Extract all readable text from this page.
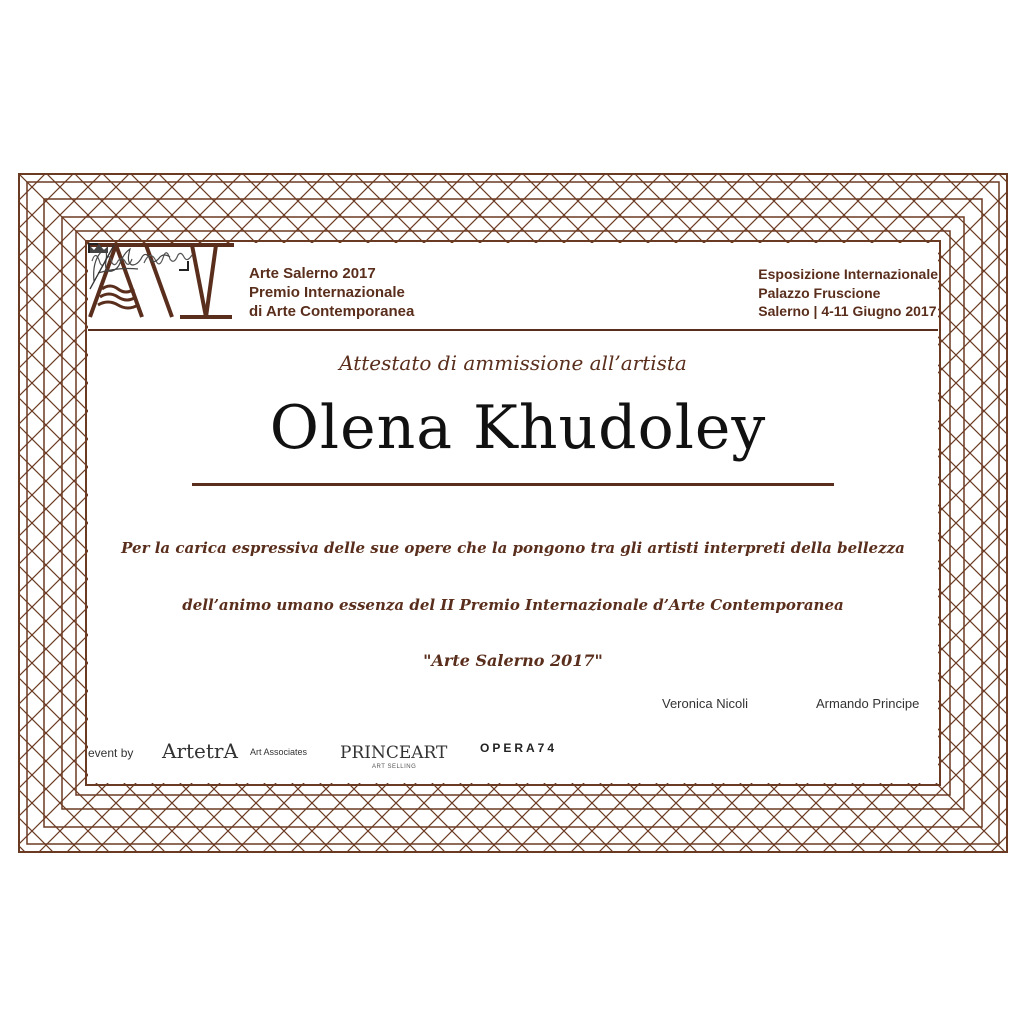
Arte Salerno 2017
Premio Internazionale
di Arte Contemporanea
Esposizione Internazionale
Palazzo Fruscione
Salerno | 4-11 Giugno 2017
Attestato di ammissione all’artista
Olena Khudoley
Per la carica espressiva delle sue opere che la pongono tra gli artisti interpreti della bellezza
dell’animo umano essenza del II Premio Internazionale d’Arte Contemporanea
"Arte Salerno 2017"
Veronica Nicoli	Armando Principe
event by ArtetrA Art Associates PRINCEART
ART SELLING
OPERA74
